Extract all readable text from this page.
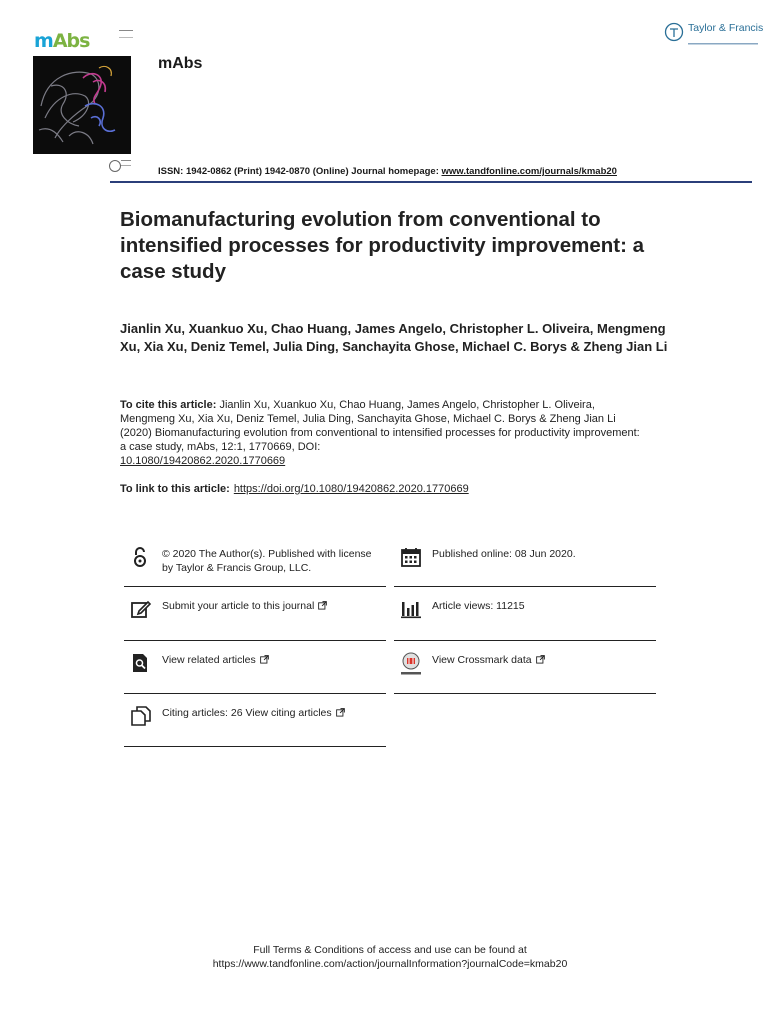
mAbs
mAbs
Taylor & Francis
ISSN: 1942-0862 (Print) 1942-0870 (Online) Journal homepage: www.tandfonline.com/journals/kmab20
Biomanufacturing evolution from conventional to intensified processes for productivity improvement: a case study
Jianlin Xu, Xuankuo Xu, Chao Huang, James Angelo, Christopher L. Oliveira, Mengmeng Xu, Xia Xu, Deniz Temel, Julia Ding, Sanchayita Ghose, Michael C. Borys & Zheng Jian Li
To cite this article: Jianlin Xu, Xuankuo Xu, Chao Huang, James Angelo, Christopher L. Oliveira, Mengmeng Xu, Xia Xu, Deniz Temel, Julia Ding, Sanchayita Ghose, Michael C. Borys & Zheng Jian Li (2020) Biomanufacturing evolution from conventional to intensified processes for productivity improvement: a case study, mAbs, 12:1, 1770669, DOI:
10.1080/19420862.2020.1770669
To link to this article: https://doi.org/10.1080/19420862.2020.1770669
© 2020 The Author(s). Published with license by Taylor & Francis Group, LLC.
Published online: 08 Jun 2020.
Submit your article to this journal	Article views: 11215
View related articles	View Crossmark data
Citing articles: 26 View citing articles
Full Terms & Conditions of access and use can be found at
https://www.tandfonline.com/action/journalInformation?journalCode=kmab20
